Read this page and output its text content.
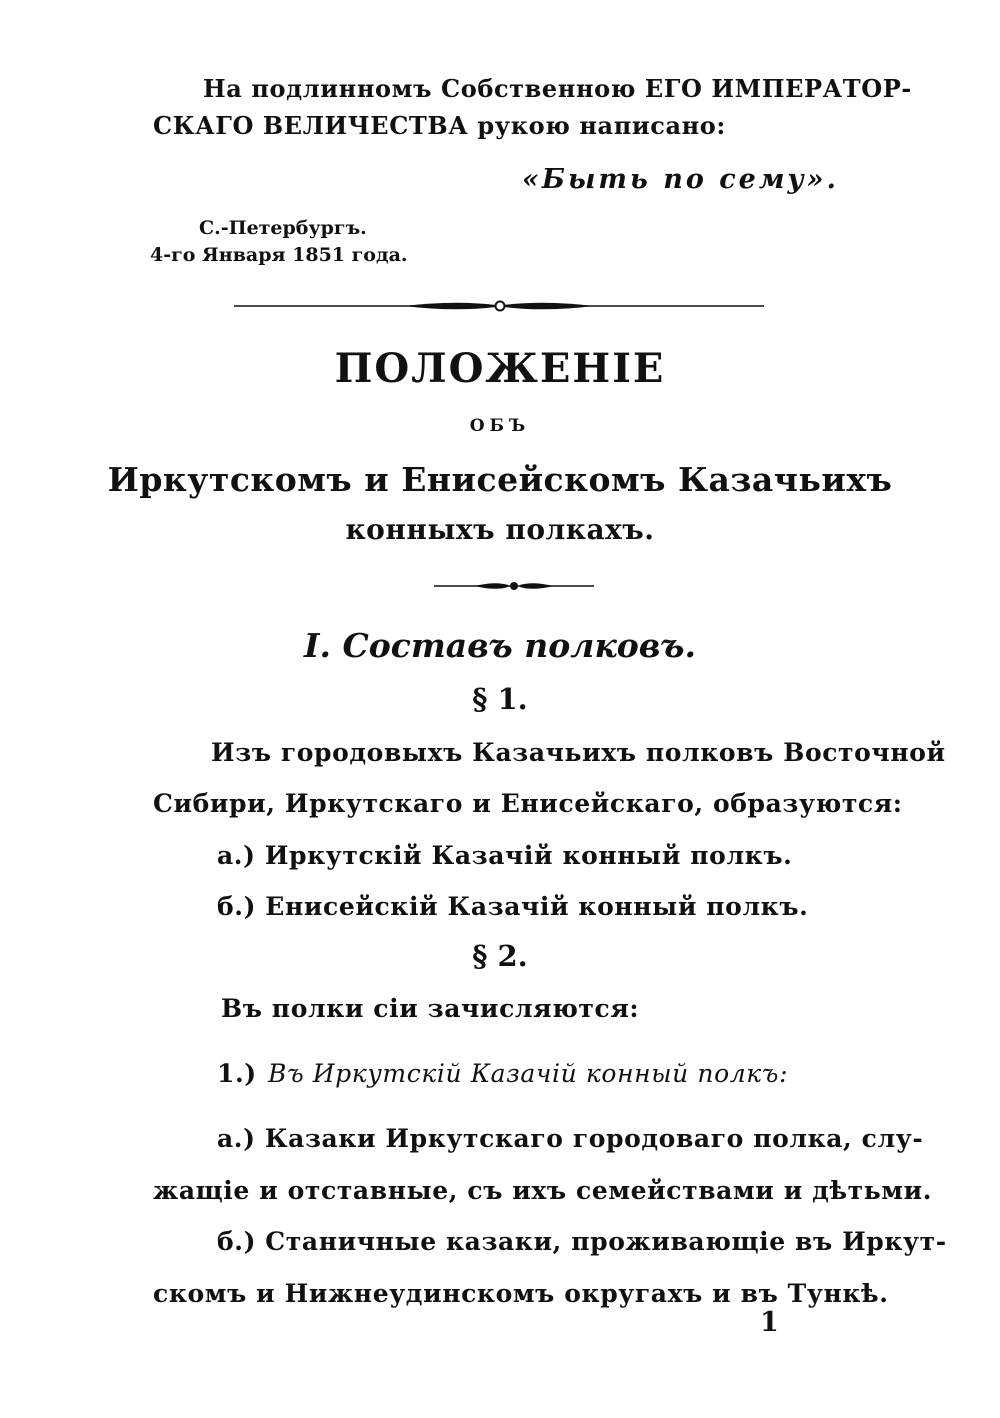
На подлинномъ Собственною ЕГО ИМПЕРАТОР-
СКАГО ВЕЛИЧЕСТВА рукою написано:
«Быть по сему».
С.-Петербургъ.
4-го Января 1851 года.
ПОЛОЖЕНІЕ
ОБЪ
Иркутскомъ и Енисейскомъ Казачьихъ
конныхъ полкахъ.
I. Составъ полковъ.
§ 1.
Изъ городовыхъ Казачьихъ полковъ Восточной
Сибири, Иркутскаго и Енисейскаго, образуются:
а.) Иркутскій Казачій конный полкъ.
б.) Енисейскій Казачій конный полкъ.
§ 2.
Въ полки сіи зачисляются:
1.) Въ Иркутскій Казачій конный полкъ:
а.) Казаки Иркутскаго городоваго полка, слу-
жащіе и отставные, съ ихъ семействами и дѣтьми.
б.) Станичные казаки, проживающіе въ Иркут-
скомъ и Нижнеудинскомъ округахъ и въ Тункѣ.
1
